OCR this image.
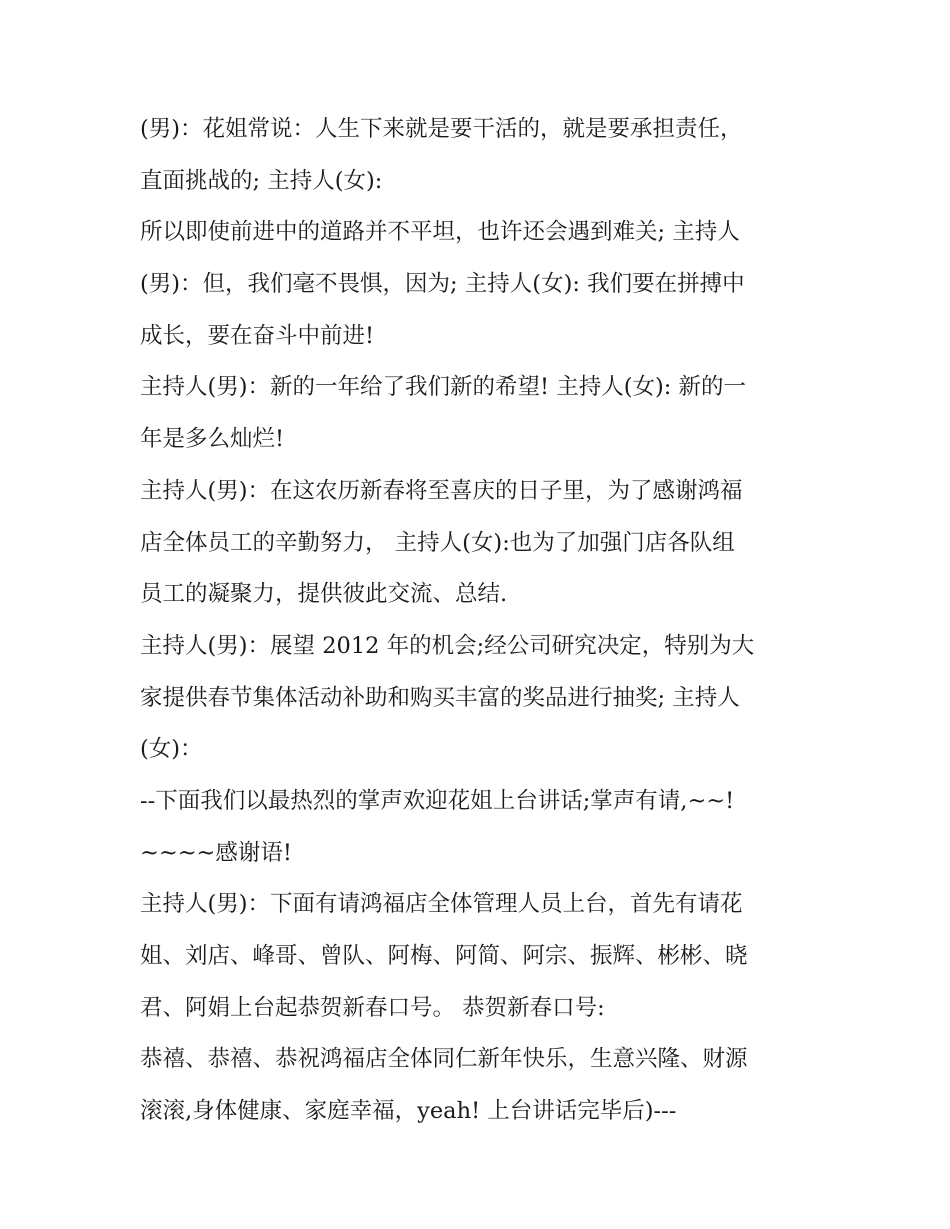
(男)：花姐常说：人生下来就是要干活的，就是要承担责任，
直面挑战的; 主持人(女):
所以即使前进中的道路并不平坦，也许还会遇到难关; 主持人
(男)：但，我们毫不畏惧，因为; 主持人(女): 我们要在拼搏中
成长，要在奋斗中前进!
主持人(男)：新的一年给了我们新的希望! 主持人(女): 新的一
年是多么灿烂!
主持人(男)：在这农历新春将至喜庆的日子里，为了感谢鸿福
店全体员工的辛勤努力， 主持人(女):也为了加强门店各队组
员工的凝聚力，提供彼此交流、总结.
主持人(男)：展望 2012 年的机会;经公司研究决定，特别为大
家提供春节集体活动补助和购买丰富的奖品进行抽奖; 主持人
(女)：
--下面我们以最热烈的掌声欢迎花姐上台讲话;掌声有请,~~!
~~~~感谢语!
主持人(男)：下面有请鸿福店全体管理人员上台，首先有请花
姐、刘店、峰哥、曾队、阿梅、阿简、阿宗、振辉、彬彬、晓
君、阿娟上台起恭贺新春口号。 恭贺新春口号:
恭禧、恭禧、恭祝鸿福店全体同仁新年快乐，生意兴隆、财源
滚滚,身体健康、家庭幸福，yeah! 上台讲话完毕后)---
